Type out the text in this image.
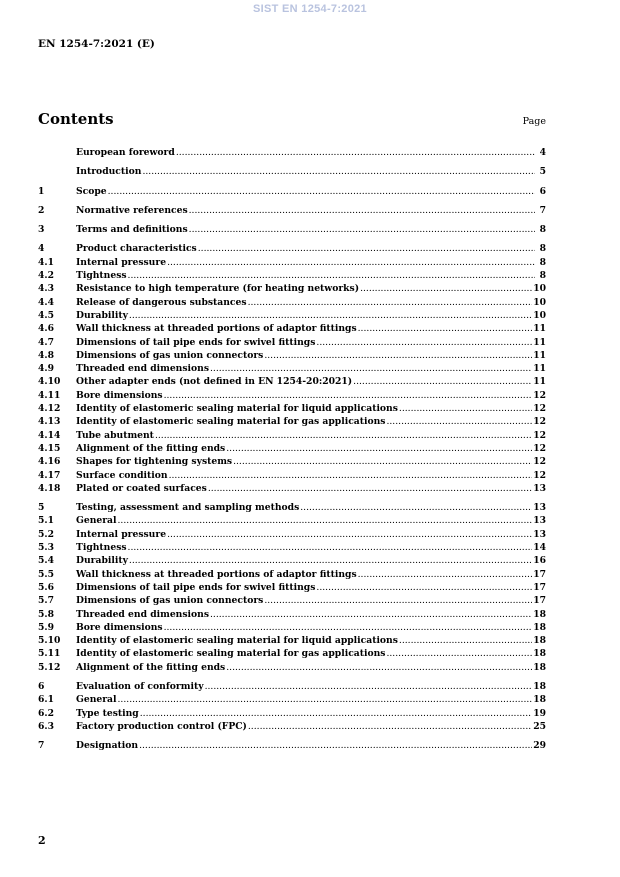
SIST EN 1254-7:2021
EN 1254-7:2021 (E)
Contents	Page
European foreword .....	4
Introduction .....	5
1	Scope .....	6
2	Normative references .....	7
3	Terms and definitions .....	8
4	Product characteristics .....	8
4.1	Internal pressure .....	8
4.2	Tightness .....	8
4.3	Resistance to high temperature (for heating networks) .....	10
4.4	Release of dangerous substances .....	10
4.5	Durability .....	10
4.6	Wall thickness at threaded portions of adaptor fittings .....	11
4.7	Dimensions of tail pipe ends for swivel fittings .....	11
4.8	Dimensions of gas union connectors .....	11
4.9	Threaded end dimensions .....	11
4.10	Other adapter ends (not defined in EN 1254-20:2021) .....	11
4.11	Bore dimensions .....	12
4.12	Identity of elastomeric sealing material for liquid applications .....	12
4.13	Identity of elastomeric sealing material for gas applications .....	12
4.14	Tube abutment .....	12
4.15	Alignment of the fitting ends .....	12
4.16	Shapes for tightening systems .....	12
4.17	Surface condition .....	12
4.18	Plated or coated surfaces .....	13
5	Testing, assessment and sampling methods .....	13
5.1	General .....	13
5.2	Internal pressure .....	13
5.3	Tightness .....	14
5.4	Durability .....	16
5.5	Wall thickness at threaded portions of adaptor fittings .....	17
5.6	Dimensions of tail pipe ends for swivel fittings .....	17
5.7	Dimensions of gas union connectors .....	17
5.8	Threaded end dimensions .....	18
5.9	Bore dimensions .....	18
5.10	Identity of elastomeric sealing material for liquid applications .....	18
5.11	Identity of elastomeric sealing material for gas applications .....	18
5.12	Alignment of the fitting ends .....	18
6	Evaluation of conformity .....	18
6.1	General .....	18
6.2	Type testing .....	19
6.3	Factory production control (FPC) .....	25
7	Designation .....	29
2
